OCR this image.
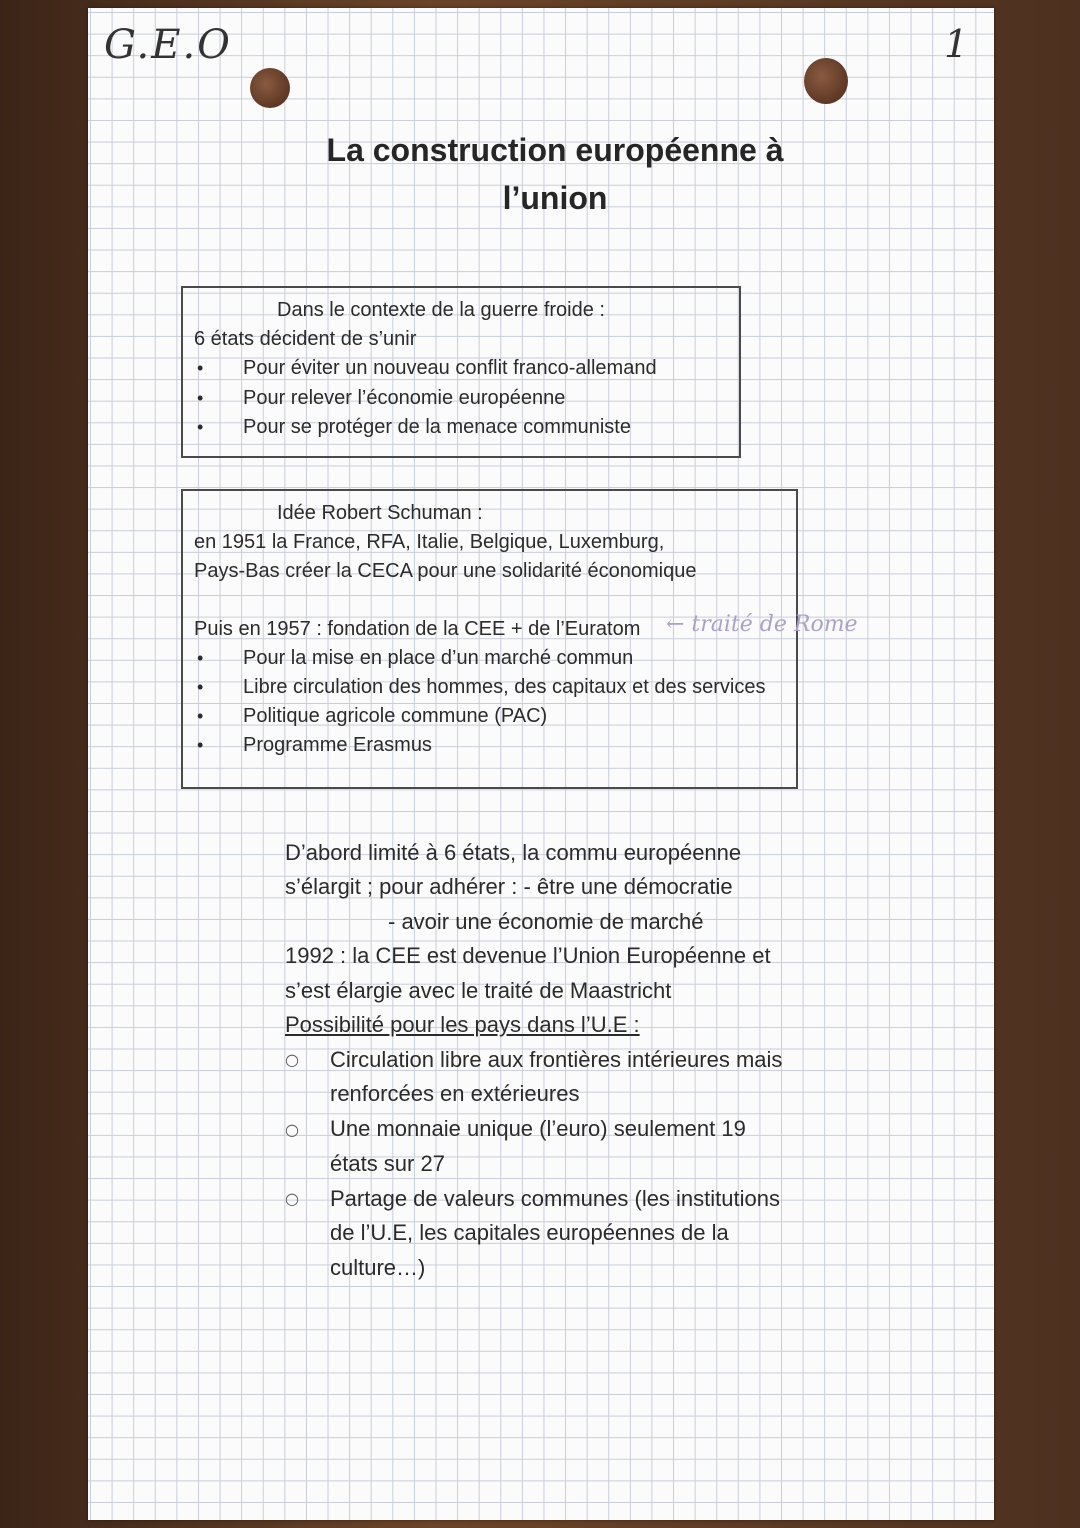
G.E.O	1
La construction européenne à
l’union
Dans le contexte de la guerre froide :
6 états décident de s’unir
• Pour éviter un nouveau conflit franco-allemand
• Pour relever l’économie européenne
• Pour se protéger de la menace communiste
Idée Robert Schuman :
en 1951 la France, RFA, Italie, Belgique, Luxemburg,
Pays-Bas créer la CECA pour une solidarité économique
Puis en 1957 : fondation de la CEE + de l’Euratom
• Pour la mise en place d’un marché commun
• Libre circulation des hommes, des capitaux et des services
• Politique agricole commune (PAC)
• Programme Erasmus
← traité de Rome
D’abord limité à 6 états, la commu européenne
s’élargit ; pour adhérer : - être une démocratie
- avoir une économie de marché
1992 : la CEE est devenue l’Union Européenne et
s’est élargie avec le traité de Maastricht
Possibilité pour les pays dans l’U.E :
○ Circulation libre aux frontières intérieures mais
renforcées en extérieures
○ Une monnaie unique (l’euro) seulement 19
états sur 27
○ Partage de valeurs communes (les institutions
de l’U.E, les capitales européennes de la
culture…)
